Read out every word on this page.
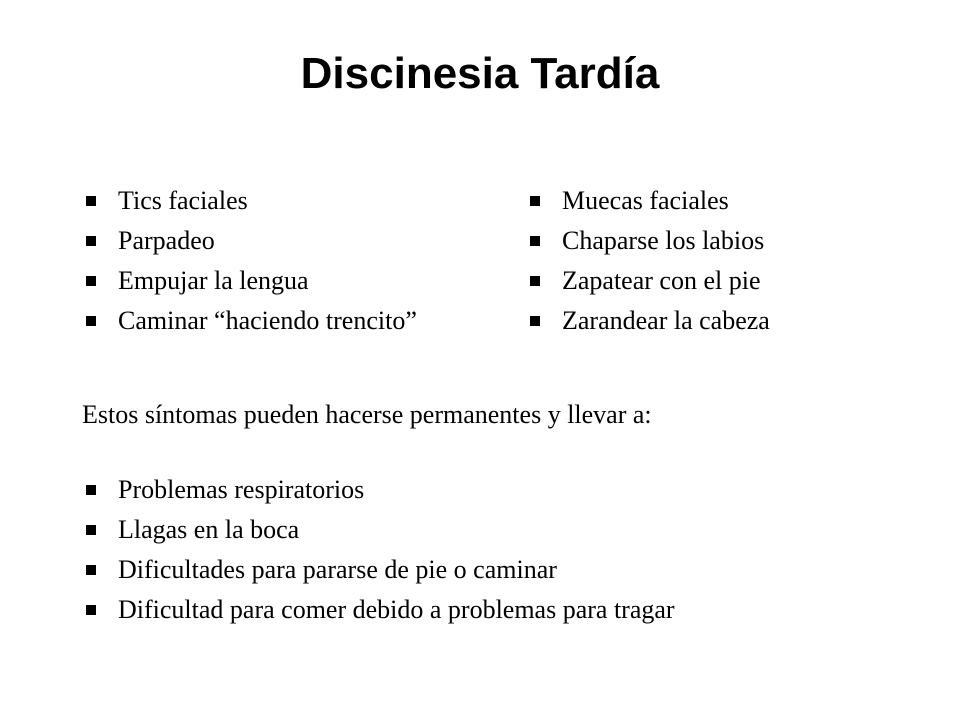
Discinesia Tardía
Tics faciales
Parpadeo
Empujar la lengua
Caminar “haciendo trencito”
Muecas faciales
Chaparse los labios
Zapatear con el pie
Zarandear la cabeza

Estos síntomas pueden hacerse permanentes y llevar a:

Problemas respiratorios
Llagas en la boca
Dificultades para pararse de pie o caminar
Dificultad para comer debido a problemas para tragar
